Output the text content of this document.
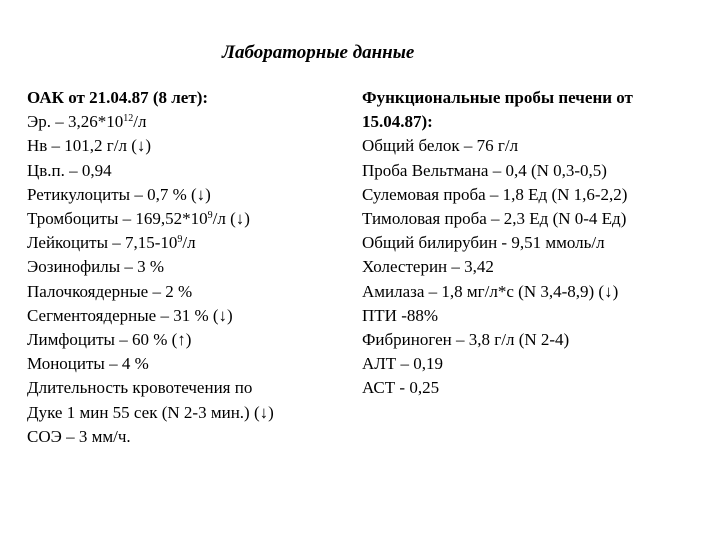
Лабораторные данные
ОАК от 21.04.87 (8 лет):
Эр. – $3,26*10^{12}/л$
Нв – 101,2 г/л (↓)
Цв.п. – 0,94
Ретикулоциты – 0,7 % (↓)
Тромбоциты – $169,52*10^9/л$ (↓)
Лейкоциты – $7,15-10^9/л$
Эозинофилы – 3 %
Палочкоядерные – 2 %
Сегментоядерные – 31 % (↓)
Лимфоциты – 60 % (↑)
Моноциты – 4 %
Длительность кровотечения по
Дуке 1 мин 55 сек (N 2-3 мин.) (↓)
СОЭ – 3 мм/ч.
Функциональные пробы печени от
15.04.87):
Общий белок – 76 г/л
Проба Вельтмана – 0,4 (N 0,3-0,5)
Сулемовая проба – 1,8 Ед (N 1,6-2,2)
Тимоловая проба – 2,3 Ед (N 0-4 Ед)
Общий билирубин - 9,51 ммоль/л
Холестерин – 3,42
Амилаза – 1,8 мг/л*с (N 3,4-8,9) (↓)
ПТИ -88%
Фибриноген – 3,8 г/л (N 2-4)
АЛТ – 0,19
АСТ - 0,25
